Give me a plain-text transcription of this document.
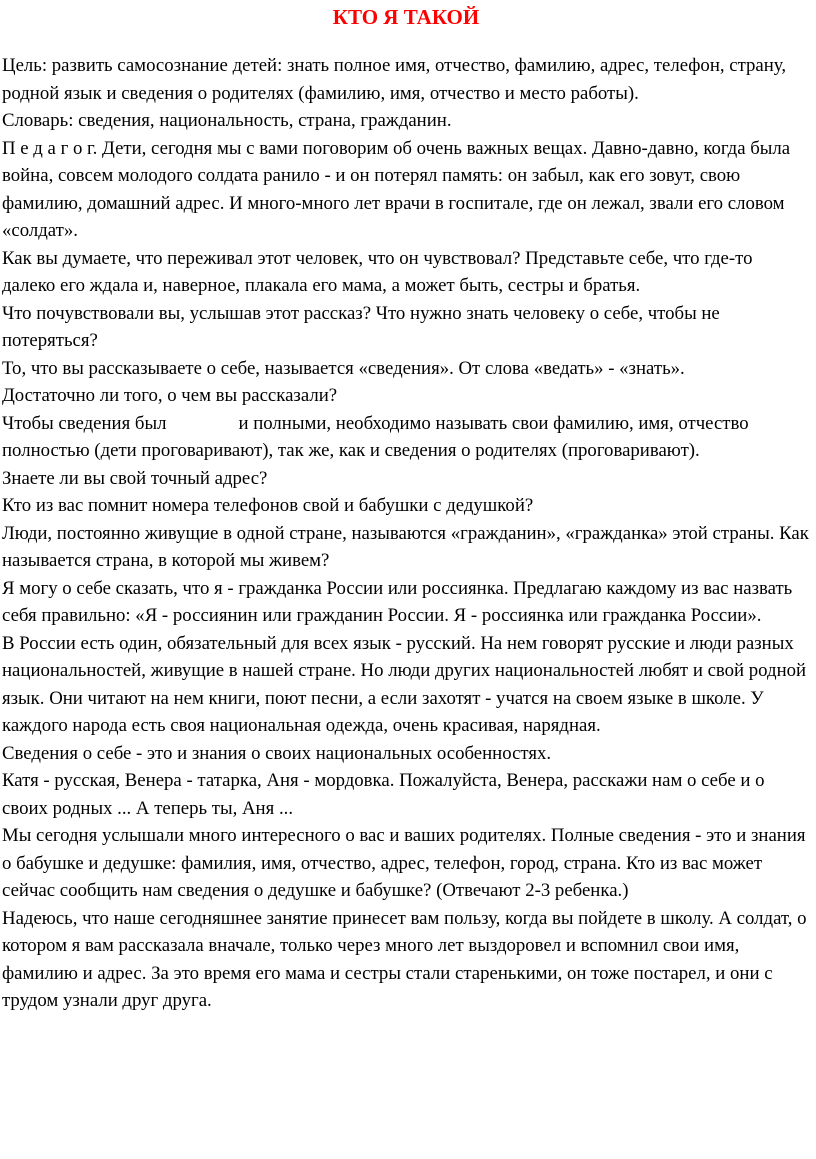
КТО Я ТАКОЙ

Цель: развить самосознание детей: знать полное имя, отчество, фамилию, адрес, телефон, страну, родной язык и сведения о родителях (фамилию, имя, отчество и место работы).

Словарь: сведения, национальность, страна, гражданин.

П е д а г о г. Дети, сегодня мы с вами поговорим об очень важных вещах. Давно-давно, когда была война, совсем молодого солдата ранило - и он потерял память: он забыл, как его зовут, свою фамилию, домашний адрес. И много-много лет врачи в госпитале, где он лежал, звали его словом «солдат».

Как вы думаете, что переживал этот человек, что он чувствовал? Представьте себе, что где-то далеко его ждала и, наверное, плакала его мама, а может быть, сестры и братья.

Что почувствовали вы, услышав этот рассказ? Что нужно знать человеку о себе, чтобы не потеряться?

То, что вы рассказываете о себе, называется «сведения». От слова «ведать» - «знать».

Достаточно ли того, о чем вы рассказали?

Чтобы сведения был	и полными, необходимо называть свои фамилию, имя, отчество полностью (дети проговаривают), так же, как и сведения о родителях (проговаривают).

Знаете ли вы свой точный адрес?

Кто из вас помнит номера телефонов свой и бабушки с дедушкой?

Люди, постоянно живущие в одной стране, называются «гражданин», «гражданка» этой страны. Как называется страна, в которой мы живем?

Я могу о себе сказать, что я - гражданка России или россиянка. Предлагаю каждому из вас назвать себя правильно: «Я - россиянин или гражданин России. Я - россиянка или гражданка России».

В России есть один, обязательный для всех язык - русский. На нем говорят русские и люди разных национальностей, живущие в нашей стране. Но люди других национальностей любят и свой родной язык. Они читают на нем книги, поют песни, а если захотят - учатся на своем языке в школе. У каждого народа есть своя национальная одежда, очень красивая, нарядная.

Сведения о себе - это и знания о своих национальных особенностях.

Катя - русская, Венера - татарка, Аня - мордовка. Пожалуйста, Венера, расскажи нам о себе и о своих родных ... А теперь ты, Аня ...

Мы сегодня услышали много интересного о вас и ваших родителях. Полные сведения - это и знания о бабушке и дедушке: фамилия, имя, отчество, адрес, телефон, город, страна. Кто из вас может сейчас сообщить нам сведения о дедушке и бабушке? (Отвечают 2-3 ребенка.)

Надеюсь, что наше сегодняшнее занятие принесет вам пользу, когда вы пойдете в школу. А солдат, о котором я вам рассказала вначале, только через много лет выздоровел и вспомнил свои имя, фамилию и адрес. За это время его мама и сестры стали старенькими, он тоже постарел, и они с трудом узнали друг друга.
